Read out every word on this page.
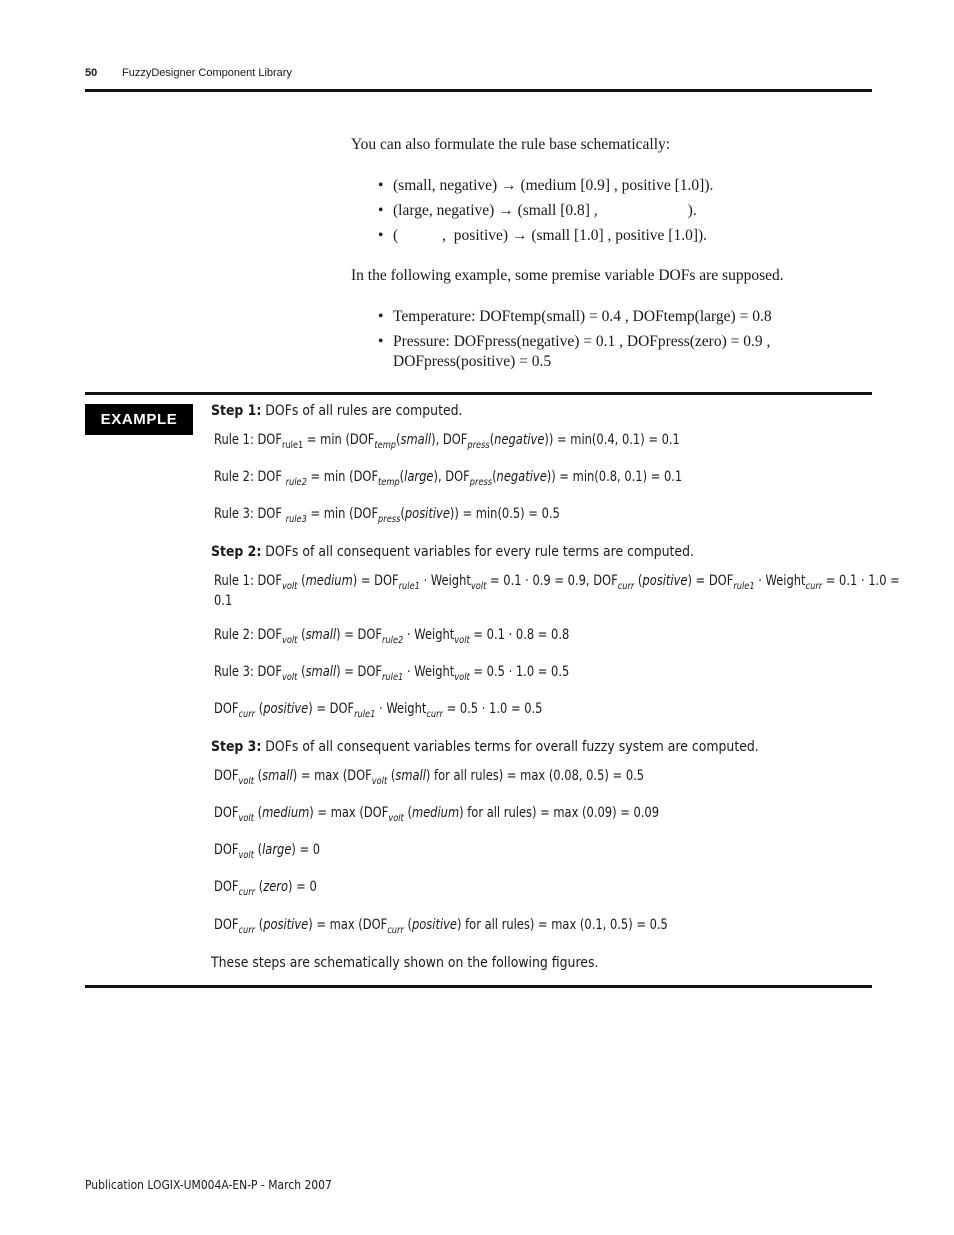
50 FuzzyDesigner Component Library
You can also formulate the rule base schematically:
• (small, negative) → (medium [0.9] , positive [1.0]).
• (large, negative) → (small [0.8] ,	).
• (	,  positive) → (small [1.0] , positive [1.0]).
In the following example, some premise variable DOFs are supposed.
• Temperature: DOFtemp(small) = 0.4 , DOFtemp(large) = 0.8
• Pressure: DOFpress(negative) = 0.1 , DOFpress(zero) = 0.9 ,
DOFpress(positive) = 0.5
EXAMPLE	Step 1: DOFs of all rules are computed.
Rule 1: $DOF_{rule1} = \min$ ($DOF_{temp}(small)$, $DOF_{press}(negative)) = \min(0.4$, 0.1) = 0.1
Rule 2: DOF $_{rule2} = \min (DOF_{temp}(large)$, $DOF_{press}(negative)) = \min(0.8$, 0.1) = 0.1
Rule 3: DOF $_{rule3} = \min (DOF_{press}(positive)) = \min(0.5) = 0.5$
Step 2: DOFs of all consequent variables for every rule terms are computed.
Rule 1: $DOF_{volt}$ (medium) = $DOF_{rule1}$ · Weight$_{volt}$ = 0.1 · 0.9 = 0.9, $DOF_{curr}$ (positive) = $DOF_{rule1}$ · Weight$_{curr}$ = 0.1 · 1.0 =
0.1
Rule 2: $DOF_{volt}$ (small) = $DOF_{rule2}$ · Weight$_{volt}$ = 0.1 · 0.8 = 0.8
Rule 3: $DOF_{volt}$ (small) = $DOF_{rule1}$ · Weight$_{volt}$ = 0.5 · 1.0 = 0.5
$DOF_{curr}$ (positive) = $DOF_{rule1}$ · Weight$_{curr}$ = 0.5 · 1.0 = 0.5
Step 3: DOFs of all consequent variables terms for overall fuzzy system are computed.
$DOF_{volt}$ (small) = $\max (DOF_{volt}$ (small) for all rules) = max (0.08, 0.5) = 0.5
$DOF_{volt}$ (medium) = $\max (DOF_{volt}$ (medium) for all rules) = max (0.09) = 0.09
$DOF_{volt}$ (large) = 0
$DOF_{curr}$ (zero) = 0
$DOF_{curr}$ (positive) = $\max (DOF_{curr}$ (positive) for all rules) = max (0.1, 0.5) = 0.5
These steps are schematically shown on the following figures.
Publication LOGIX-UM004A-EN-P - March 2007
